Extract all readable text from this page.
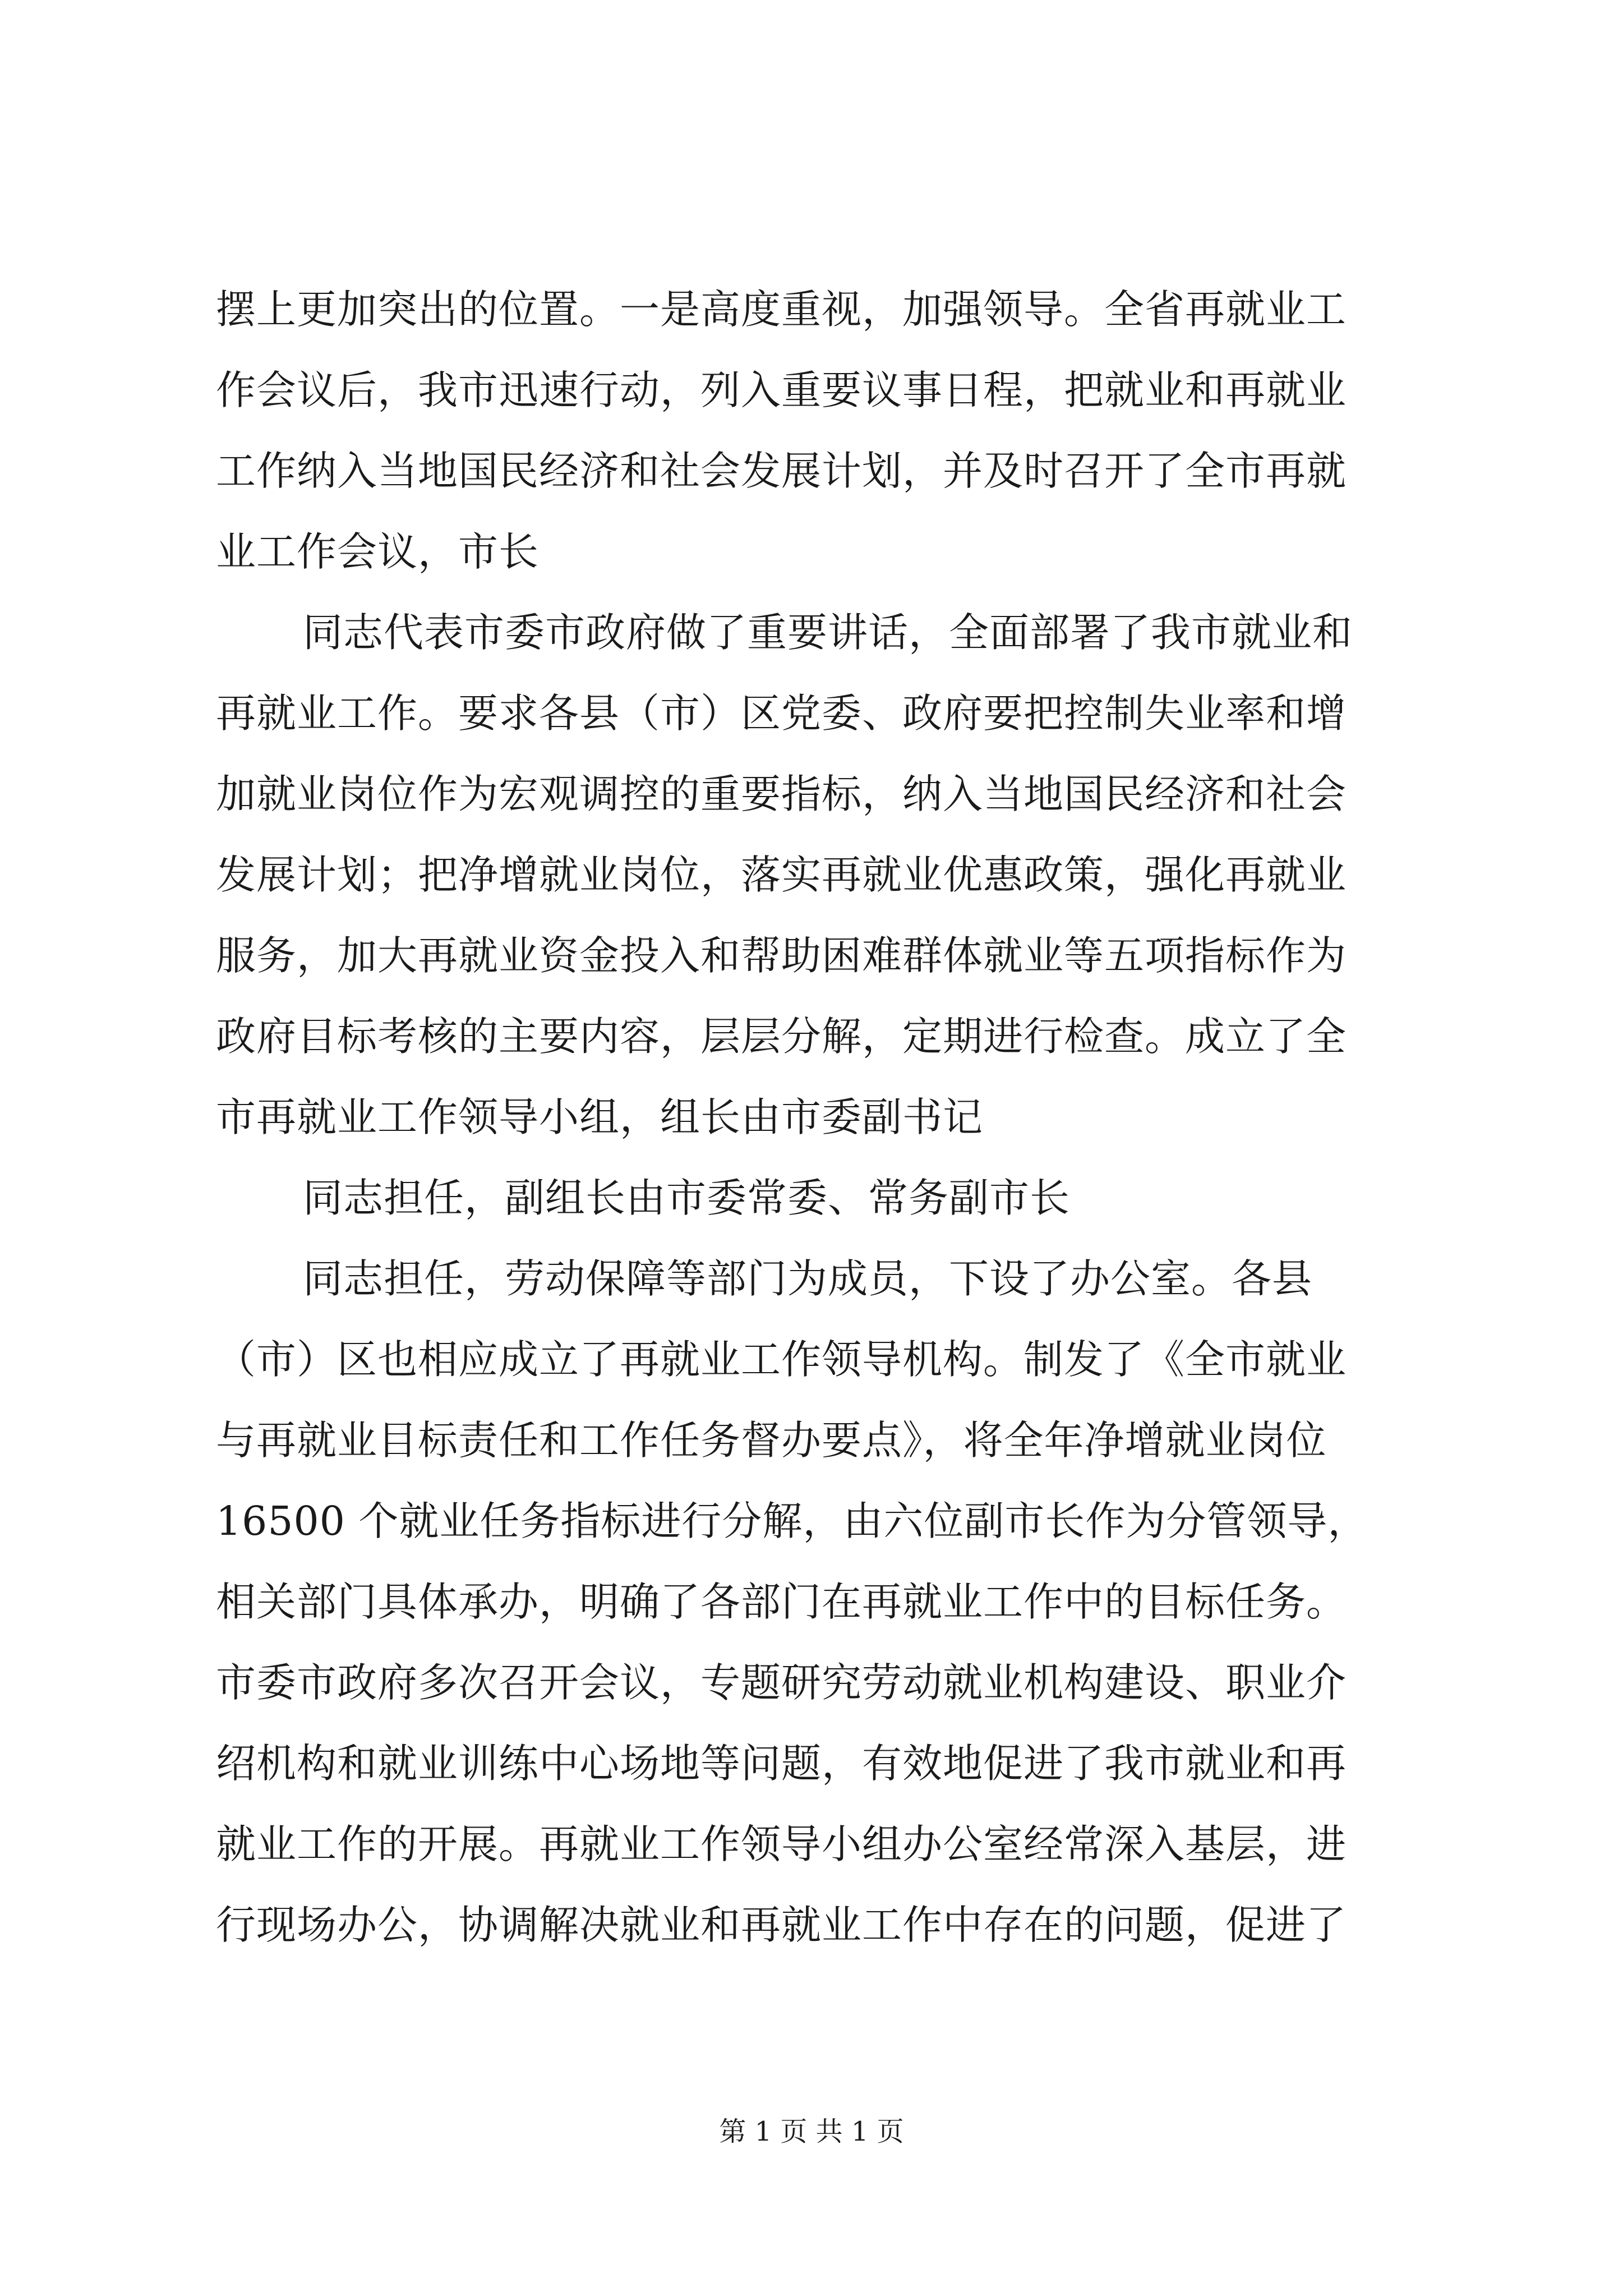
摆上更加突出的位置。一是高度重视，加强领导。全省再就业工
作会议后，我市迅速行动，列入重要议事日程，把就业和再就业
工作纳入当地国民经济和社会发展计划，并及时召开了全市再就
业工作会议，市长
同志代表市委市政府做了重要讲话，全面部署了我市就业和
再就业工作。要求各县（市）区党委、政府要把控制失业率和增
加就业岗位作为宏观调控的重要指标，纳入当地国民经济和社会
发展计划；把净增就业岗位，落实再就业优惠政策，强化再就业
服务，加大再就业资金投入和帮助困难群体就业等五项指标作为
政府目标考核的主要内容，层层分解，定期进行检查。成立了全
市再就业工作领导小组，组长由市委副书记
同志担任，副组长由市委常委、常务副市长
同志担任，劳动保障等部门为成员，下设了办公室。各县
（市）区也相应成立了再就业工作领导机构。制发了《全市就业
与再就业目标责任和工作任务督办要点》，将全年净增就业岗位
16500 个就业任务指标进行分解，由六位副市长作为分管领导，
相关部门具体承办，明确了各部门在再就业工作中的目标任务。
市委市政府多次召开会议，专题研究劳动就业机构建设、职业介
绍机构和就业训练中心场地等问题，有效地促进了我市就业和再
就业工作的开展。再就业工作领导小组办公室经常深入基层，进
行现场办公，协调解决就业和再就业工作中存在的问题，促进了
第 1 页 共 1 页
